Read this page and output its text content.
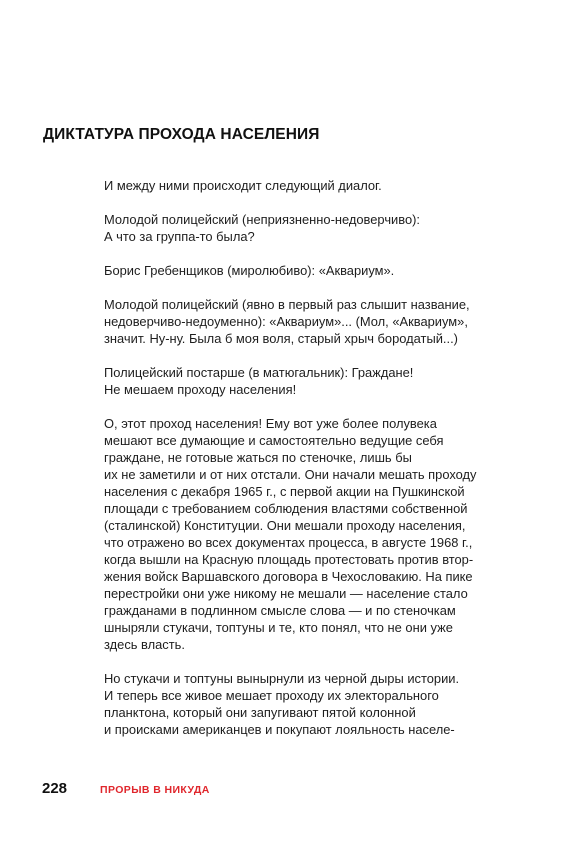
ДИКТАТУРА ПРОХОДА НАСЕЛЕНИЯ

И между ними происходит следующий диалог.

Молодой полицейский (неприязненно-недоверчиво):
А что за группа-то была?

Борис Гребенщиков (миролюбиво): «Аквариум».

Молодой полицейский (явно в первый раз слышит название,
недоверчиво-недоуменно): «Аквариум»... (Мол, «Аквариум»,
значит. Ну-ну. Была б моя воля, старый хрыч бородатый...)

Полицейский постарше (в матюгальник): Граждане!
Не мешаем проходу населения!

О, этот проход населения! Ему вот уже более полувека
мешают все думающие и самостоятельно ведущие себя
граждане, не готовые жаться по стеночке, лишь бы
их не заметили и от них отстали. Они начали мешать проходу
населения с декабря 1965 г., с первой акции на Пушкинской
площади с требованием соблюдения властями собственной
(сталинской) Конституции. Они мешали проходу населения,
что отражено во всех документах процесса, в августе 1968 г.,
когда вышли на Красную площадь протестовать против втор-
жения войск Варшавского договора в Чехословакию. На пике
перестройки они уже никому не мешали — население стало
гражданами в подлинном смысле слова — и по стеночкам
шныряли стукачи, топтуны и те, кто понял, что не они уже
здесь власть.

Но стукачи и топтуны вынырнули из черной дыры истории.
И теперь все живое мешает проходу их электорального
планктона, который они запугивают пятой колонной
и происками американцев и покупают лояльность населе-

228	ПРОРЫВ В НИКУДА
